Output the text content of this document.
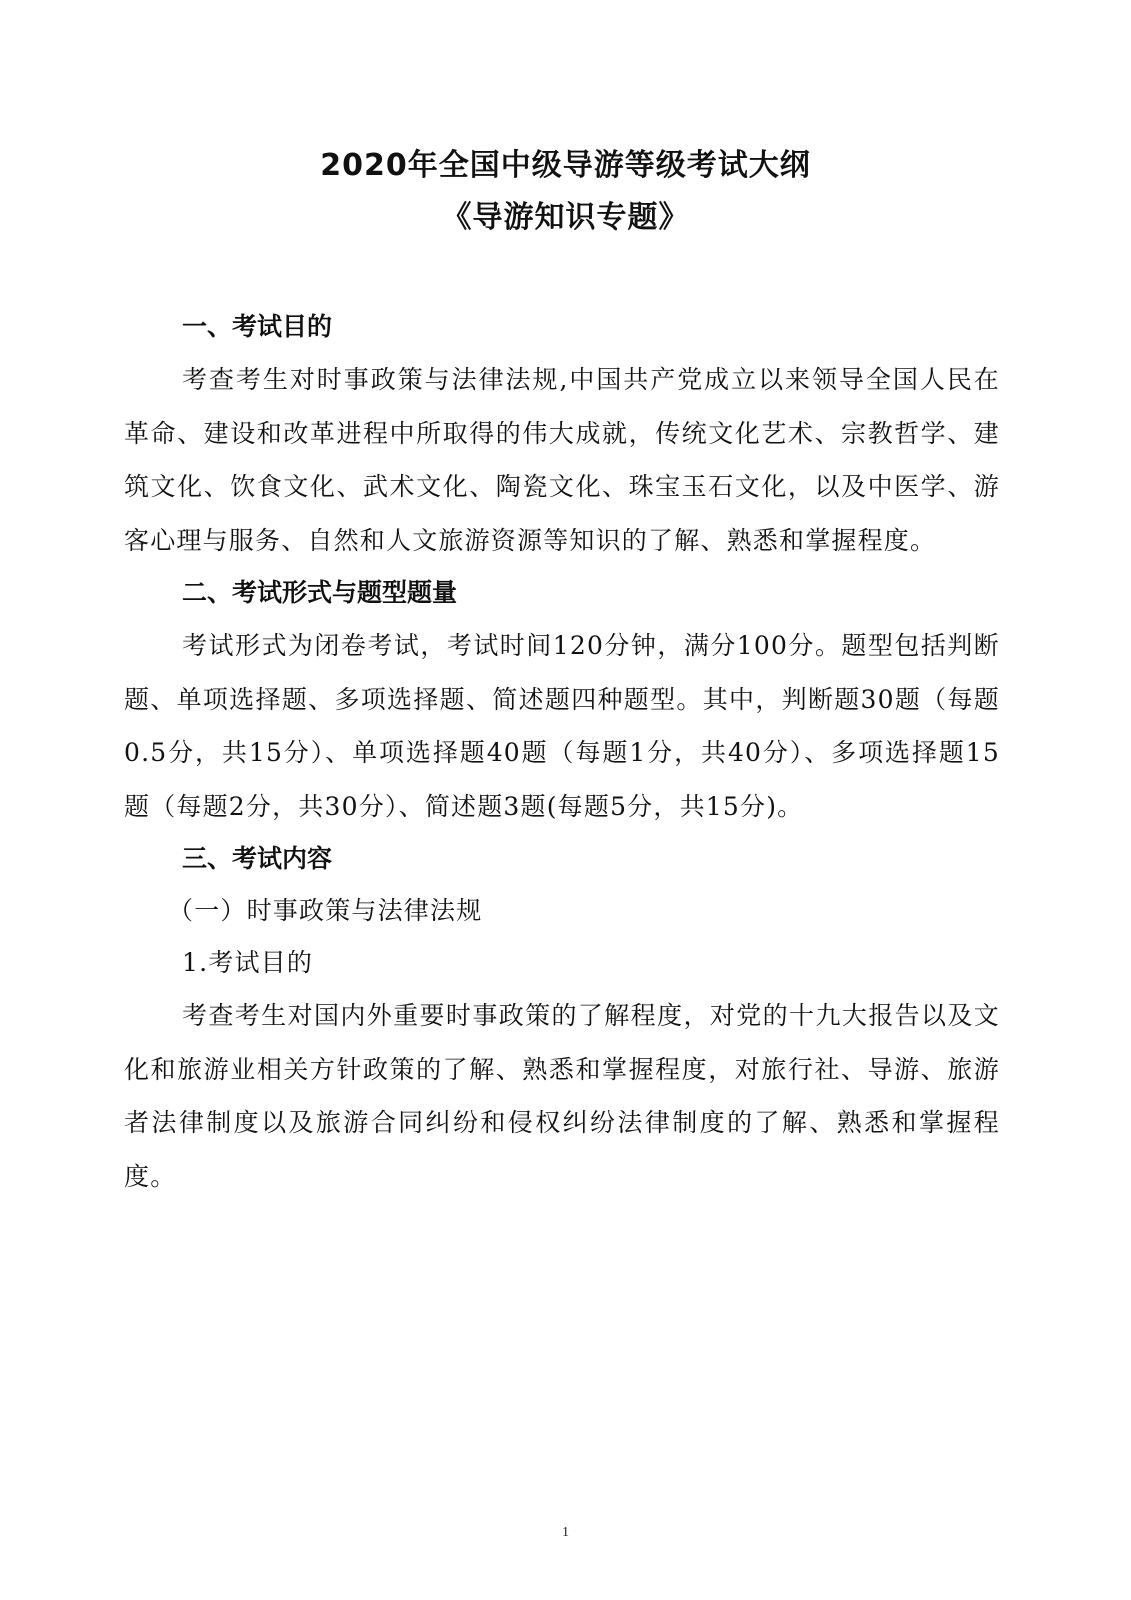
2020年全国中级导游等级考试大纲
《导游知识专题》
一、考试目的

考查考生对时事政策与法律法规,中国共产党成立以来领导全国人民在革命、建设和改革进程中所取得的伟大成就，传统文化艺术、宗教哲学、建筑文化、饮食文化、武术文化、陶瓷文化、珠宝玉石文化，以及中医学、游客心理与服务、自然和人文旅游资源等知识的了解、熟悉和掌握程度。

二、考试形式与题型题量

考试形式为闭卷考试，考试时间120分钟，满分100分。题型包括判断题、单项选择题、多项选择题、简述题四种题型。其中，判断题30题（每题0.5分，共15分）、单项选择题40题（每题1分，共40分）、多项选择题15题（每题2分，共30分）、简述题3题(每题5分，共15分)。

三、考试内容
（一）时事政策与法律法规
1.考试目的

考查考生对国内外重要时事政策的了解程度，对党的十九大报告以及文化和旅游业相关方针政策的了解、熟悉和掌握程度，对旅行社、导游、旅游者法律制度以及旅游合同纠纷和侵权纠纷法律制度的了解、熟悉和掌握程度。

1
